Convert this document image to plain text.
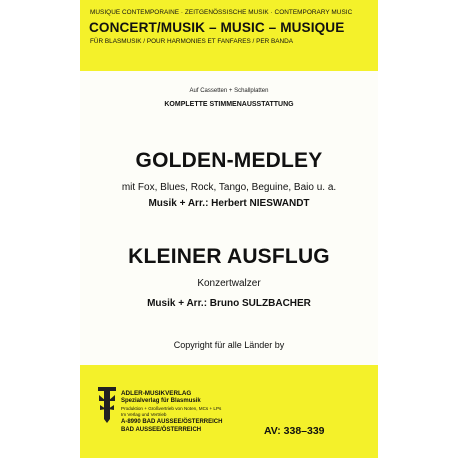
MUSIQUE CONTEMPORAINE · ZEITGENÖSSISCHE MUSIK · CONTEMPORARY MUSIC
CONCERT/MUSIK – MUSIC – MUSIQUE
FÜR BLASMUSIK / POUR HARMONIES ET FANFARES / PER BANDA
Auf Cassetten + Schallplatten
KOMPLETTE STIMMENAUSSTATTUNG
GOLDEN-MEDLEY
mit Fox, Blues, Rock, Tango, Beguine, Baio u. a.
Musik + Arr.: Herbert NIESWANDT
KLEINER AUSFLUG
Konzertwalzer
Musik + Arr.: Bruno SULZBACHER
Copyright für alle Länder by
ADLER-MUSIKVERLAG
Spezialverlag für Blasmusik
Produktion + Großvertrieb von Noten, MCs + LPs
Im Verlag und Vertrieb
A-8990 BAD AUSSEE/ÖSTERREICH
BAD AUSSEE/ÖSTERREICH	AV: 338–339
